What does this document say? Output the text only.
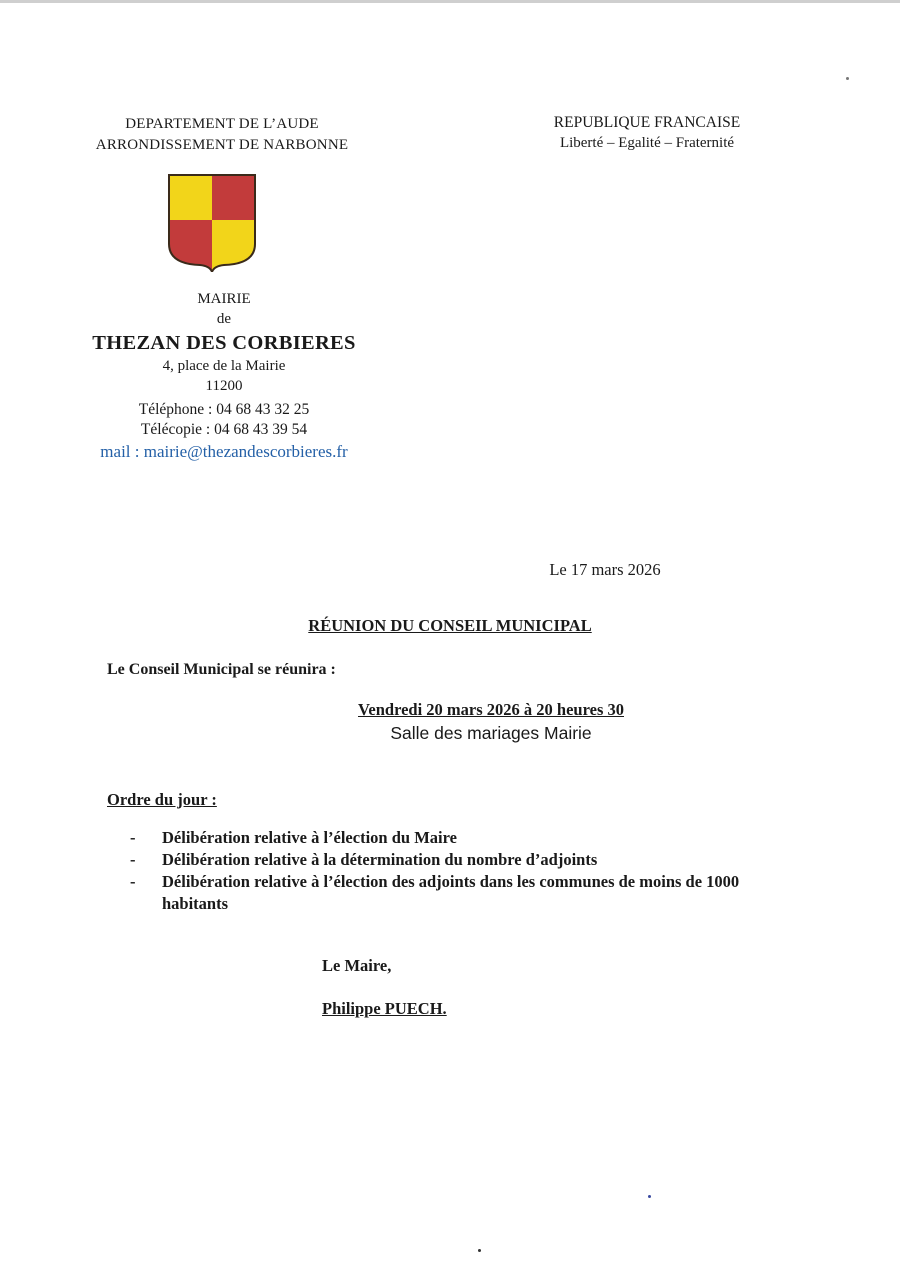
DEPARTEMENT DE L’AUDE
ARRONDISSEMENT DE NARBONNE
REPUBLIQUE FRANCAISE
Liberté – Egalité – Fraternité
MAIRIE
de
THEZAN DES CORBIERES
4, place de la Mairie
11200
Téléphone : 04 68 43 32 25
Télécopie : 04 68 43 39 54
mail : mairie@thezandescorbieres.fr
Le 17 mars 2026
RÉUNION DU CONSEIL MUNICIPAL
Le Conseil Municipal se réunira :
Vendredi 20 mars 2026 à 20 heures 30
Salle des mariages Mairie
Ordre du jour :
- Délibération relative à l’élection du Maire
- Délibération relative à la détermination du nombre d’adjoints
- Délibération relative à l’élection des adjoints dans les communes de moins de 1000 habitants
Le Maire,
Philippe PUECH.
